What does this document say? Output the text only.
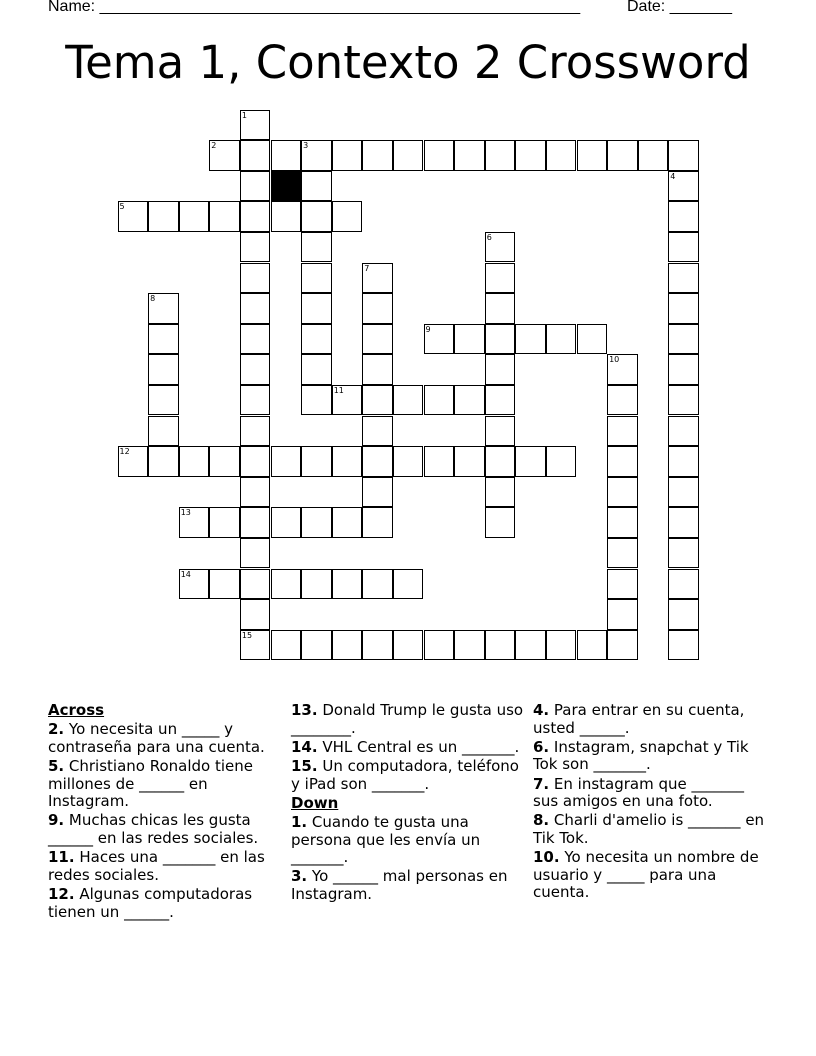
Name: ______________________________________________________	Date: _______
Tema 1, Contexto 2 Crossword
1
15
2	3
4
5
6
7
8
9
10
11
12
13
14
Across
2. Yo necesita un _____ y contraseña para una cuenta.
5. Christiano Ronaldo tiene millones de ______ en Instagram.
9. Muchas chicas les gusta ______ en las redes sociales.
11. Haces una _______ en las redes sociales.
12. Algunas computadoras tienen un ______.
13. Donald Trump le gusta uso ________.
14. VHL Central es un _______.
15. Un computadora, teléfono y iPad son _______.
Down
1. Cuando te gusta una persona que les envía un _______.
3. Yo ______ mal personas en Instagram.
4. Para entrar en su cuenta, usted ______.
6. Instagram, snapchat y Tik Tok son _______.
7. En instagram que _______ sus amigos en una foto.
8. Charli d'amelio is _______ en Tik Tok.
10. Yo necesita un nombre de usuario y _____ para una cuenta.
